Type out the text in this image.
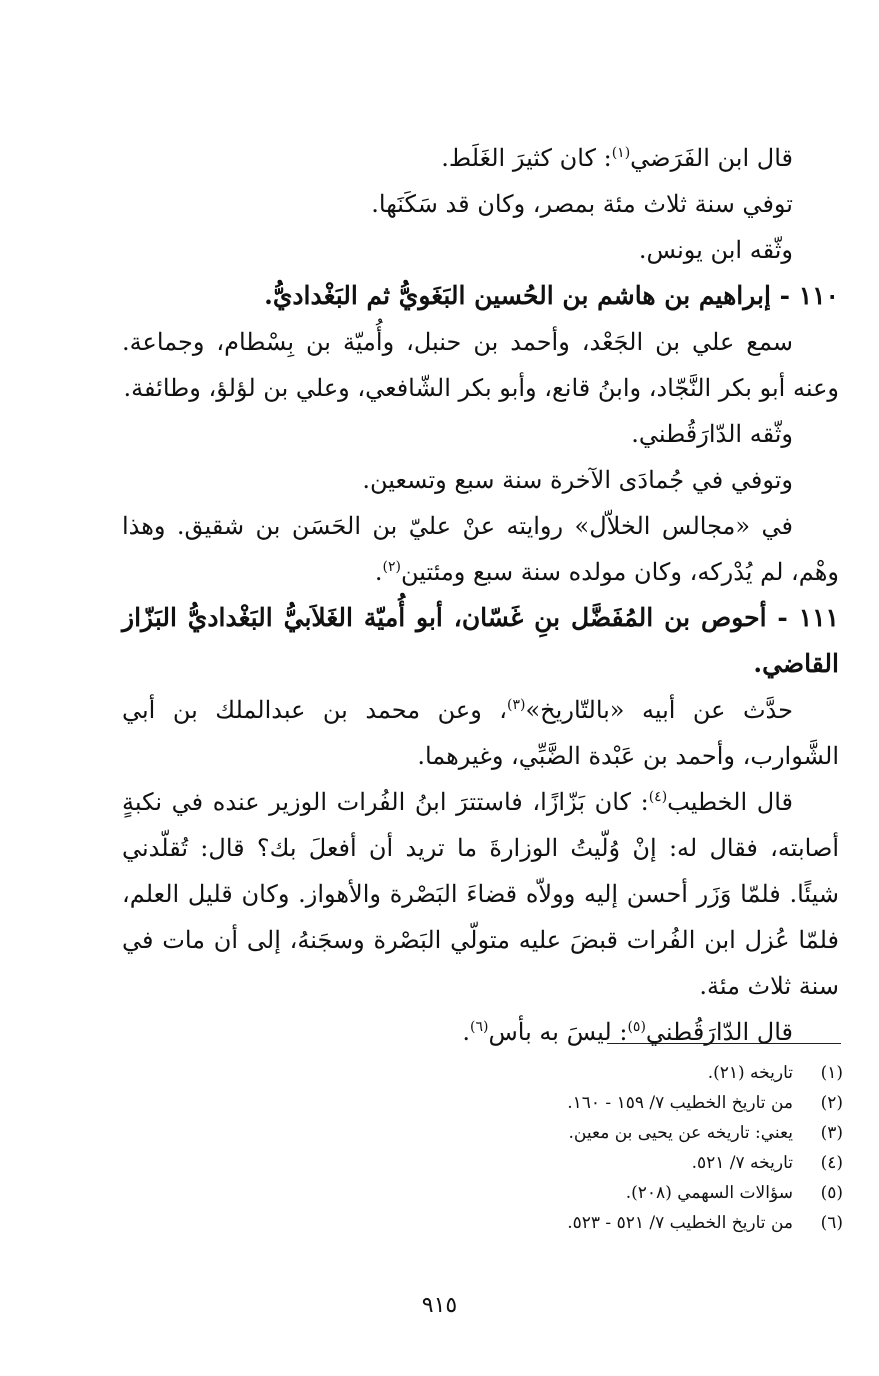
قال ابن الفَرَضي$^{(١)}$: كان كثيرَ الغَلَط.

توفي سنة ثلاث مئة بمصر، وكان قد سَكَنَها.

وثّقه ابن يونس.

١١٠ - إبراهيم بن هاشم بن الحُسين البَغَويُّ ثم البَغْداديُّ.

سمع علي بن الجَعْد، وأحمد بن حنبل، وأُميّة بن بِسْطام، وجماعة. وعنه أبو بكر النَّجّاد، وابنُ قانع، وأبو بكر الشّافعي، وعلي بن لؤلؤ، وطائفة.

وثّقه الدّارَقُطني.

وتوفي في جُمادَى الآخرة سنة سبع وتسعين.

في «مجالس الخلاّل» روايته عنْ عليّ بن الحَسَن بن شقيق. وهذا وهْم، لم يُدْركه، وكان مولده سنة سبع ومئتين$^{(٢)}$.

١١١ - أحوص بن المُفَضَّل بنِ غَسّان، أبو أُميّة الغَلاَبيُّ البَغْداديُّ البَزّاز القاضي.

حدَّث عن أبيه «بالتّاريخ»$^{(٣)}$، وعن محمد بن عبدالملك بن أبي الشَّوارب، وأحمد بن عَبْدة الضَّبِّي، وغيرهما.

قال الخطيب$^{(٤)}$: كان بَزّازًا، فاستترَ ابنُ الفُرات الوزير عنده في نكبةٍ أصابته، فقال له: إنْ وُلّيتُ الوزارةَ ما تريد أن أفعلَ بك؟ قال: تُقلّدني شيئًا. فلمّا وَزَر أحسن إليه وولاّه قضاءَ البَصْرة والأهواز. وكان قليل العلم، فلمّا عُزل ابن الفُرات قبضَ عليه متولّي البَصْرة وسجَنهُ، إلى أن مات في سنة ثلاث مئة.

قال الدّارَقُطني$^{(٥)}$: ليسَ به بأس$^{(٦)}$.

(١)
تاريخه (٢١).
(٢)
من تاريخ الخطيب ٧/ ١٥٩ - ١٦٠.
(٣)
يعني: تاريخه عن يحيى بن معين.
(٤)
تاريخه ٧/ ٥٢١.
(٥)
سؤالات السهمي (٢٠٨).
(٦)
من تاريخ الخطيب ٧/ ٥٢١ - ٥٢٣.
٩١٥
